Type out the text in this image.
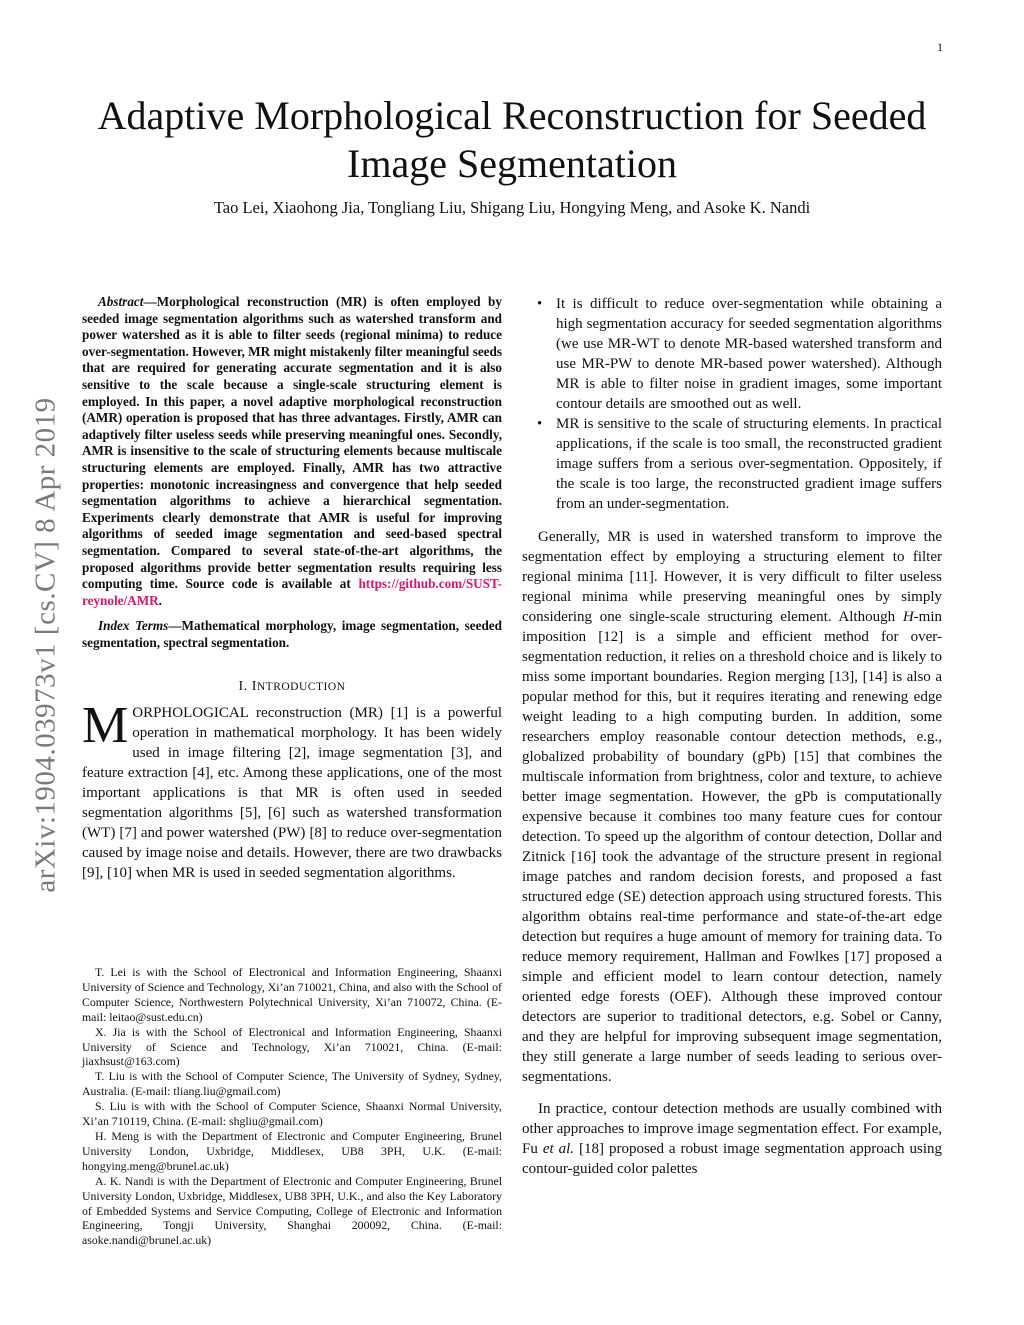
1
arXiv:1904.03973v1 [cs.CV] 8 Apr 2019
Adaptive Morphological Reconstruction for Seeded
Image Segmentation
Tao Lei, Xiaohong Jia, Tongliang Liu, Shigang Liu, Hongying Meng, and Asoke K. Nandi

Abstract—Morphological reconstruction (MR) is often employed by seeded image segmentation algorithms such as watershed transform and power watershed as it is able to filter seeds (regional minima) to reduce over-segmentation. However, MR might mistakenly filter meaningful seeds that are required for generating accurate segmentation and it is also sensitive to the scale because a single-scale structuring element is employed. In this paper, a novel adaptive morphological reconstruction (AMR) operation is proposed that has three advantages. Firstly, AMR can adaptively filter useless seeds while preserving meaningful ones. Secondly, AMR is insensitive to the scale of structuring elements because multiscale structuring elements are employed. Finally, AMR has two attractive properties: monotonic increasingness and convergence that help seeded segmentation algorithms to achieve a hierarchical segmentation. Experiments clearly demonstrate that AMR is useful for improving algorithms of seeded image segmentation and seed-based spectral segmentation. Compared to several state-of-the-art algorithms, the proposed algorithms provide better segmentation results requiring less computing time. Source code is available at https://github.com/SUST-reynole/AMR.

Index Terms—Mathematical morphology, image segmentation, seeded segmentation, spectral segmentation.

I. INTRODUCTION

MORPHOLOGICAL reconstruction (MR) [1] is a powerful operation in mathematical morphology. It has been widely used in image filtering [2], image segmentation [3], and feature extraction [4], etc. Among these applications, one of the most important applications is that MR is often used in seeded segmentation algorithms [5], [6] such as watershed transformation (WT) [7] and power watershed (PW) [8] to reduce over-segmentation caused by image noise and details. However, there are two drawbacks [9], [10] when MR is used in seeded segmentation algorithms.

T. Lei is with the School of Electronical and Information Engineering, Shaanxi University of Science and Technology, Xi’an 710021, China, and also with the School of Computer Science, Northwestern Polytechnical University, Xi’an 710072, China. (E-mail: leitao@sust.edu.cn)

X. Jia is with the School of Electronical and Information Engineering, Shaanxi University of Science and Technology, Xi’an 710021, China. (E-mail: jiaxhsust@163.com)

T. Liu is with the School of Computer Science, The University of Sydney, Sydney, Australia. (E-mail: tliang.liu@gmail.com)

S. Liu is with with the School of Computer Science, Shaanxi Normal University, Xi’an 710119, China. (E-mail: shgliu@gmail.com)

H. Meng is with the Department of Electronic and Computer Engineering, Brunel University London, Uxbridge, Middlesex, UB8 3PH, U.K. (E-mail: hongying.meng@brunel.ac.uk)

A. K. Nandi is with the Department of Electronic and Computer Engineering, Brunel University London, Uxbridge, Middlesex, UB8 3PH, U.K., and also the Key Laboratory of Embedded Systems and Service Computing, College of Electronic and Information Engineering, Tongji University, Shanghai 200092, China. (E-mail: asoke.nandi@brunel.ac.uk)

• It is difficult to reduce over-segmentation while obtaining a high segmentation accuracy for seeded segmentation algorithms (we use MR-WT to denote MR-based watershed transform and use MR-PW to denote MR-based power watershed). Although MR is able to filter noise in gradient images, some important contour details are smoothed out as well.
• MR is sensitive to the scale of structuring elements. In practical applications, if the scale is too small, the reconstructed gradient image suffers from a serious over-segmentation. Oppositely, if the scale is too large, the reconstructed gradient image suffers from an under-segmentation.

Generally, MR is used in watershed transform to improve the segmentation effect by employing a structuring element to filter regional minima [11]. However, it is very difficult to filter useless regional minima while preserving meaningful ones by simply considering one single-scale structuring element. Although H-min imposition [12] is a simple and efficient method for over-segmentation reduction, it relies on a threshold choice and is likely to miss some important boundaries. Region merging [13], [14] is also a popular method for this, but it requires iterating and renewing edge weight leading to a high computing burden. In addition, some researchers employ reasonable contour detection methods, e.g., globalized probability of boundary (gPb) [15] that combines the multiscale information from brightness, color and texture, to achieve better image segmentation. However, the gPb is computationally expensive because it combines too many feature cues for contour detection. To speed up the algorithm of contour detection, Dollar and Zitnick [16] took the advantage of the structure present in regional image patches and random decision forests, and proposed a fast structured edge (SE) detection approach using structured forests. This algorithm obtains real-time performance and state-of-the-art edge detection but requires a huge amount of memory for training data. To reduce memory requirement, Hallman and Fowlkes [17] proposed a simple and efficient model to learn contour detection, namely oriented edge forests (OEF). Although these improved contour detectors are superior to traditional detectors, e.g. Sobel or Canny, and they are helpful for improving subsequent image segmentation, they still generate a large number of seeds leading to serious over-segmentations.

In practice, contour detection methods are usually combined with other approaches to improve image segmentation effect. For example, Fu et al. [18] proposed a robust image segmentation approach using contour-guided color palettes
